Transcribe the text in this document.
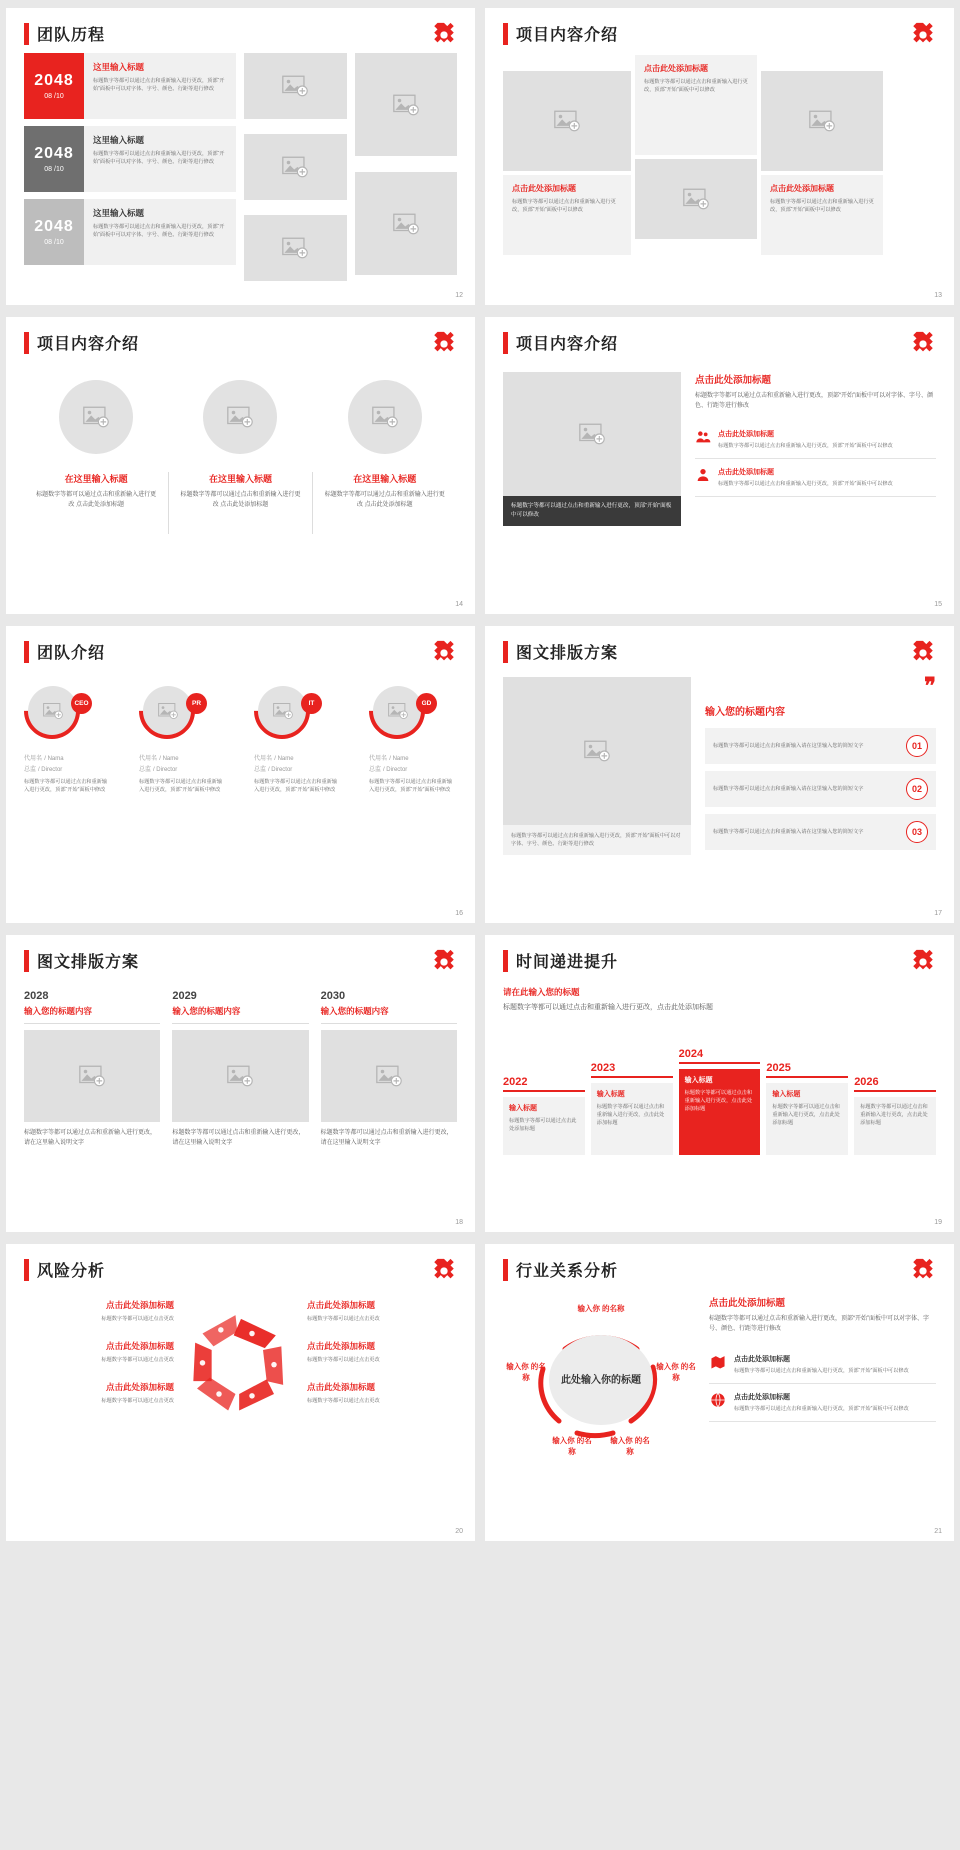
团队历程
2048
08 /10
这里输入标题

标题数字等都可以通过点击和重新输入进行更改，顶部“开始”面板中可以对字体、字号、颜色、行距等进行修改

2048
08 /10
这里输入标题

标题数字等都可以通过点击和重新输入进行更改，顶部“开始”面板中可以对字体、字号、颜色、行距等进行修改

2048
08 /10
这里输入标题

标题数字等都可以通过点击和重新输入进行更改，顶部“开始”面板中可以对字体、字号、颜色、行距等进行修改

12
项目内容介绍
点击此处添加标题

标题数字等都可以通过点击和重新输入进行更改，顶部“开始”面板中可以修改

点击此处添加标题

标题数字等都可以通过点击和重新输入进行更改，顶部“开始”面板中可以修改

点击此处添加标题

标题数字等都可以通过点击和重新输入进行更改，顶部“开始”面板中可以修改

13
项目内容介绍
在这里输入标题

标题数字等都可以通过点击和重新输入进行更改 点击此处添加标题

在这里输入标题

标题数字等都可以通过点击和重新输入进行更改 点击此处添加标题

在这里输入标题

标题数字等都可以通过点击和重新输入进行更改 点击此处添加标题

14
项目内容介绍
标题数字等都可以通过点击和重新输入进行更改，顶部“开始”面板中可以修改
点击此处添加标题

标题数字等都可以通过点击和重新输入进行更改，顶部“开始”面板中可以对字体、字号、颜色、行距等进行修改

点击此处添加标题

标题数字等都可以通过点击和重新输入进行更改，顶部“开始”面板中可以修改

点击此处添加标题

标题数字等都可以通过点击和重新输入进行更改，顶部“开始”面板中可以修改

15
团队介绍
CEO
代用名 / Nama
总监 / Director

标题数字等都可以通过点击和重新输入进行更改，顶部“开始”面板中修改

PR
代用名 / Name
总监 / Director

标题数字等都可以通过点击和重新输入进行更改，顶部“开始”面板中修改

IT
代用名 / Name
总监 / Director

标题数字等都可以通过点击和重新输入进行更改，顶部“开始”面板中修改

GD
代用名 / Name
总监 / Director

标题数字等都可以通过点击和重新输入进行更改，顶部“开始”面板中修改

16
图文排版方案

标题数字等都可以通过点击和重新输入进行更改，顶部“开始”面板中可以对字体、字号、颜色、行距等进行修改

❞
输入您的标题内容

标题数字等都可以通过点击和重新输入请在这里输入您的简短文字	01

标题数字等都可以通过点击和重新输入请在这里输入您的简短文字	02

标题数字等都可以通过点击和重新输入请在这里输入您的简短文字	03
17
图文排版方案
2028
输入您的标题内容

标题数字等都可以通过点击和重新输入进行更改，请在这里输入说明文字

2029
输入您的标题内容

标题数字等都可以通过点击和重新输入进行更改，请在这里输入说明文字

2030
输入您的标题内容

标题数字等都可以通过点击和重新输入进行更改，请在这里输入说明文字

18
时间递进提升
请在此输入您的标题

标题数字等都可以通过点击和重新输入进行更改，点击此处添加标题

2022
输入标题

标题数字等都可以通过点击此处添加标题

2023
输入标题

标题数字等都可以通过点击和重新输入进行更改，点击此处添加标题

2024
输入标题

标题数字等都可以通过点击和重新输入进行更改，点击此处添加标题

2025
输入标题

标题数字等都可以通过点击和重新输入进行更改，点击此处添加标题

2026

标题数字等都可以通过点击和重新输入进行更改，点击此处添加标题

19
风险分析
点击此处添加标题

标题数字等都可以通过点击更改

点击此处添加标题

标题数字等都可以通过点击更改

点击此处添加标题

标题数字等都可以通过点击更改

点击此处添加标题

标题数字等都可以通过点击更改

点击此处添加标题

标题数字等都可以通过点击更改

点击此处添加标题

标题数字等都可以通过点击更改

20
行业关系分析
此处输入你的标题
输入你 的名称
输入你 的名称
输入你 的名称
输入你 的名称
输入你 的名称
点击此处添加标题

标题数字等都可以通过点击和重新输入进行更改，顶部“开始”面板中可以对字体、字号、颜色、行距等进行修改

点击此处添加标题

标题数字等都可以通过点击和重新输入进行更改，顶部“开始”面板中可以修改

点击此处添加标题

标题数字等都可以通过点击和重新输入进行更改，顶部“开始”面板中可以修改

21
